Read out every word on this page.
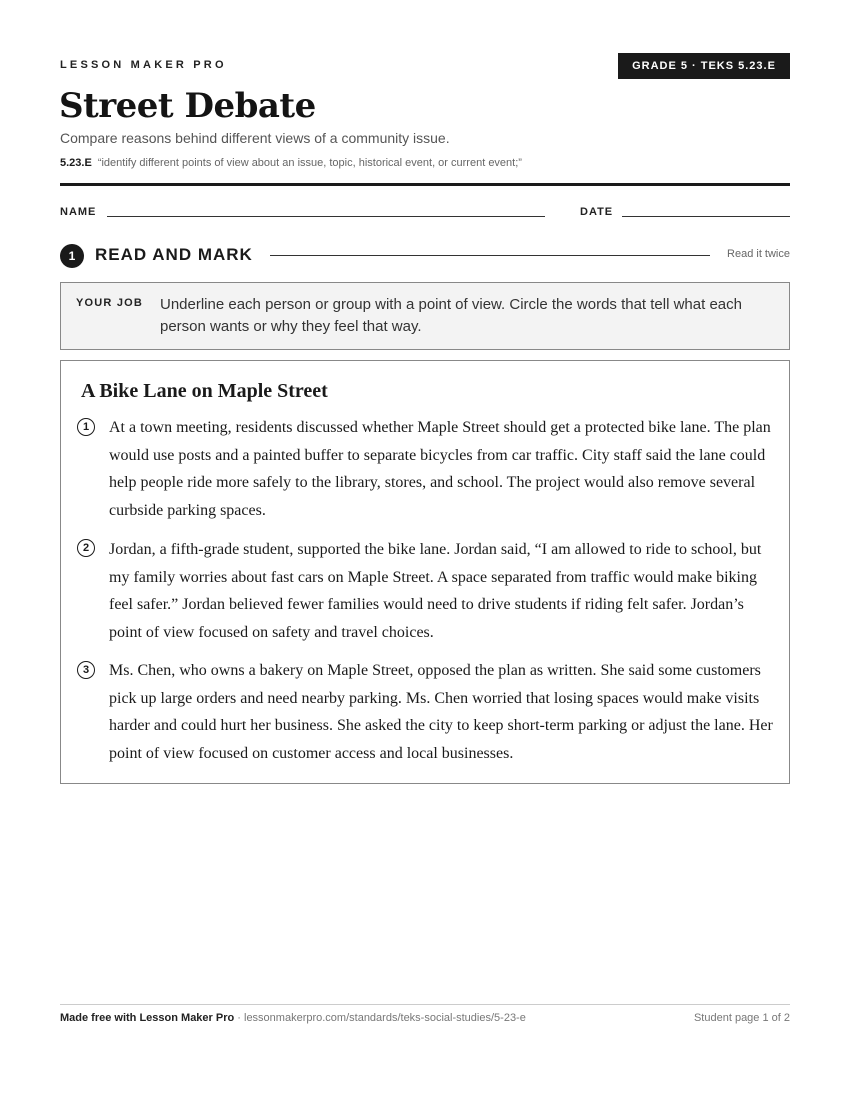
LESSON MAKER PRO	GRADE 5 · TEKS 5.23.E
Street Debate
Compare reasons behind different views of a community issue.
5.23.E “identify different points of view about an issue, topic, historical event, or current event;”
NAME	DATE
1	READ AND MARK	Read it twice
YOUR JOB Underline each person or group with a point of view. Circle the words that tell what each person wants or why they feel that way.
A Bike Lane on Maple Street
1	At a town meeting, residents discussed whether Maple Street should get a protected bike lane. The plan would use posts and a painted buffer to separate bicycles from car traffic. City staff said the lane could help people ride more safely to the library, stores, and school. The project would also remove several curbside parking spaces.

2	Jordan, a fifth-grade student, supported the bike lane. Jordan said, “I am allowed to ride to school, but my family worries about fast cars on Maple Street. A space separated from traffic would make biking feel safer.” Jordan believed fewer families would need to drive students if riding felt safer. Jordan’s point of view focused on safety and travel choices.

3	Ms. Chen, who owns a bakery on Maple Street, opposed the plan as written. She said some customers pick up large orders and need nearby parking. Ms. Chen worried that losing spaces would make visits harder and could hurt her business. She asked the city to keep short-term parking or adjust the lane. Her point of view focused on customer access and local businesses.

Made free with Lesson Maker Pro · lessonmakerpro.com/standards/teks-social-studies/5-23-e	Student page 1 of 2
